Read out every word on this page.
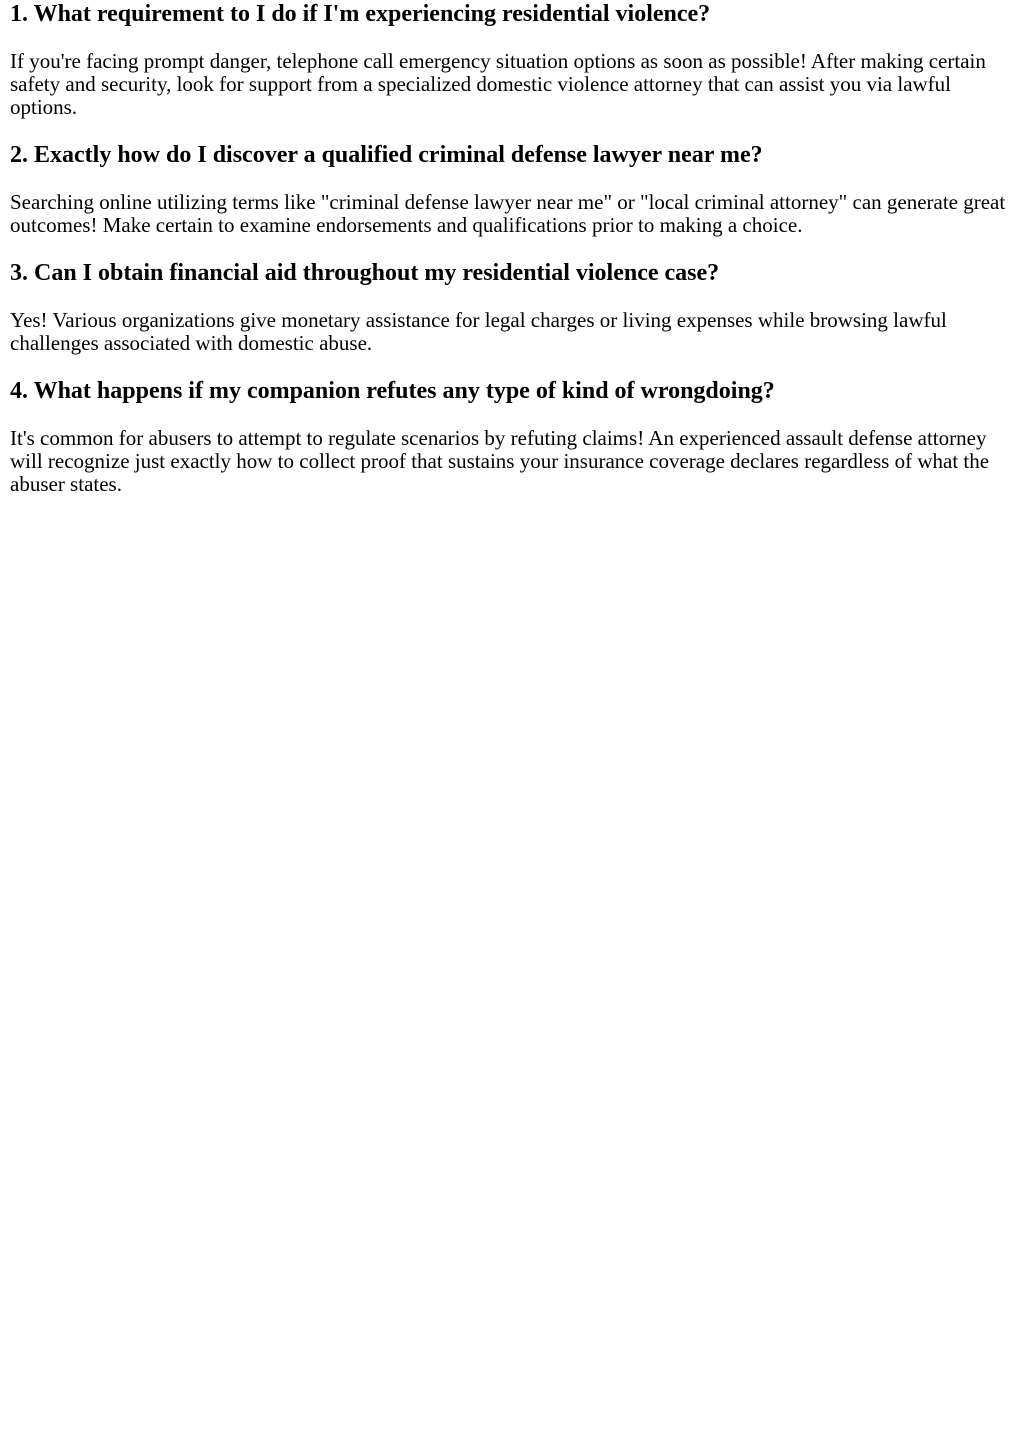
1. What requirement to I do if I'm experiencing residential violence?

If you're facing prompt danger, telephone call emergency situation options as soon as possible! After making certain safety and security, look for support from a specialized domestic violence attorney that can assist you via lawful options.

2. Exactly how do I discover a qualified criminal defense lawyer near me?

Searching online utilizing terms like "criminal defense lawyer near me" or "local criminal attorney" can generate great outcomes! Make certain to examine endorsements and qualifications prior to making a choice.

3. Can I obtain financial aid throughout my residential violence case?

Yes! Various organizations give monetary assistance for legal charges or living expenses while browsing lawful challenges associated with domestic abuse.

4. What happens if my companion refutes any type of kind of wrongdoing?

It's common for abusers to attempt to regulate scenarios by refuting claims! An experienced assault defense attorney will recognize just exactly how to collect proof that sustains your insurance coverage declares regardless of what the abuser states.
